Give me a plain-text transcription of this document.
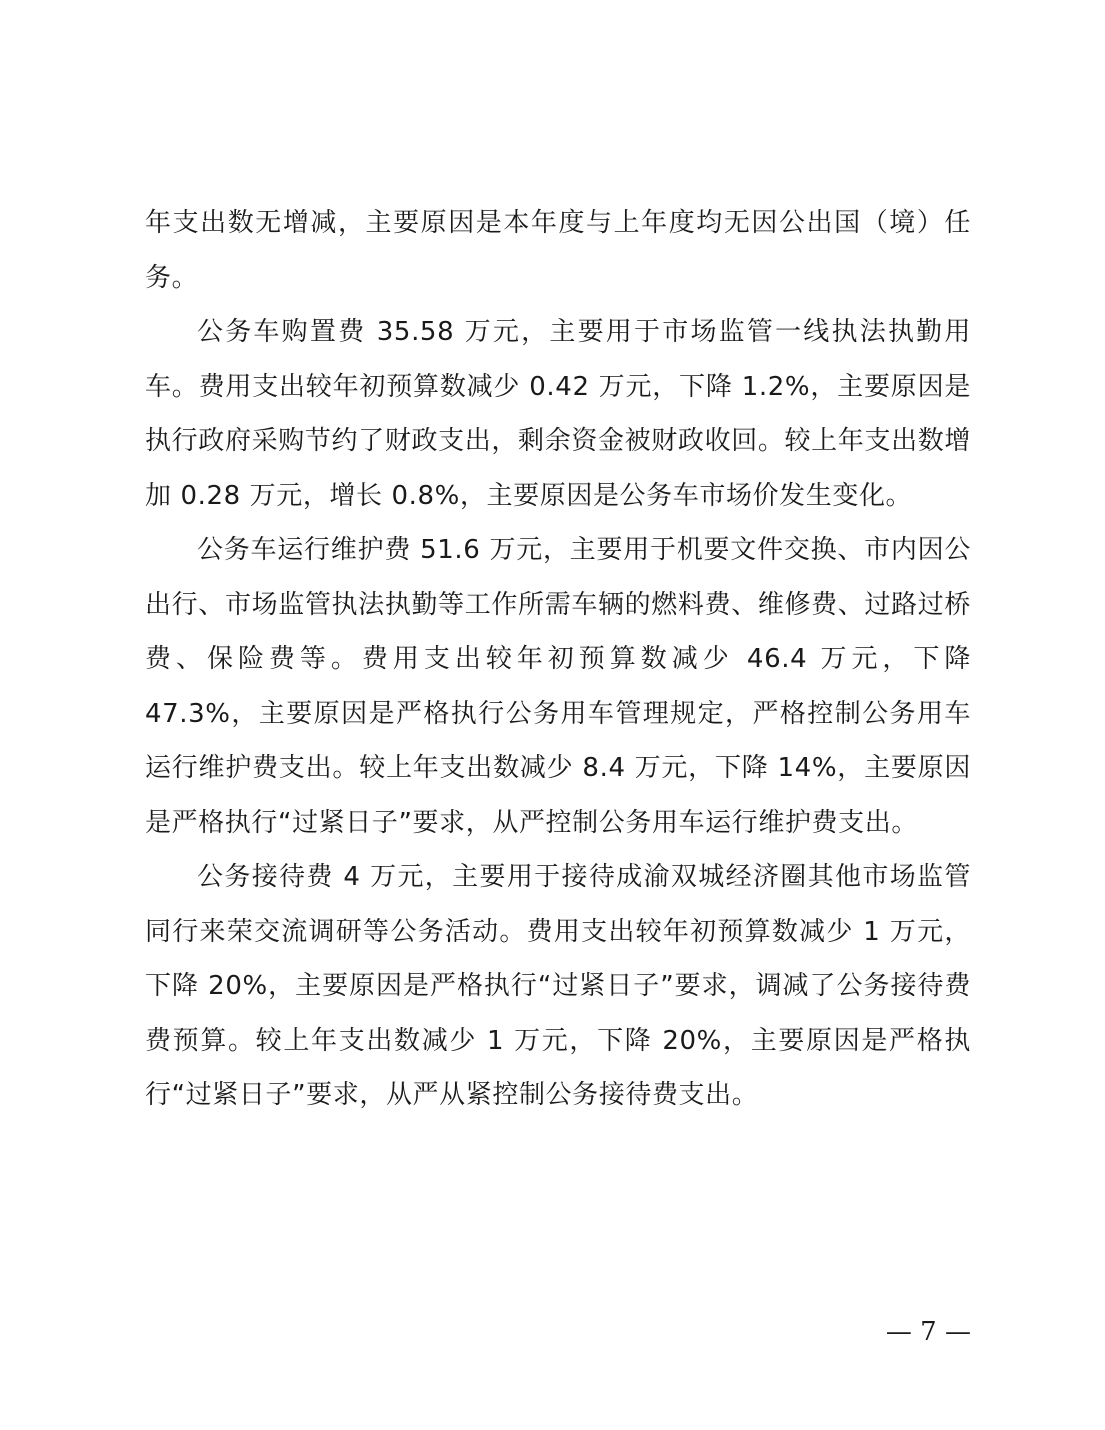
年支出数无增减，主要原因是本年度与上年度均无因公出国（境）任务。

公务车购置费 35.58 万元，主要用于市场监管一线执法执勤用车。费用支出较年初预算数减少 0.42 万元，下降 1.2%，主要原因是执行政府采购节约了财政支出，剩余资金被财政收回。较上年支出数增加 0.28 万元，增长 0.8%，主要原因是公务车市场价发生变化。

公务车运行维护费 51.6 万元，主要用于机要文件交换、市内因公出行、市场监管执法执勤等工作所需车辆的燃料费、维修费、过路过桥费、保险费等。费用支出较年初预算数减少 46.4 万元，下降 47.3%，主要原因是严格执行公务用车管理规定，严格控制公务用车运行维护费支出。较上年支出数减少 8.4 万元，下降 14%，主要原因是严格执行“过紧日子”要求，从严控制公务用车运行维护费支出。

公务接待费 4 万元，主要用于接待成渝双城经济圈其他市场监管同行来荣交流调研等公务活动。费用支出较年初预算数减少 1 万元，下降 20%，主要原因是严格执行“过紧日子”要求，调减了公务接待费费预算。较上年支出数减少 1 万元，下降 20%，主要原因是严格执行“过紧日子”要求，从严从紧控制公务接待费支出。

— 7 —
